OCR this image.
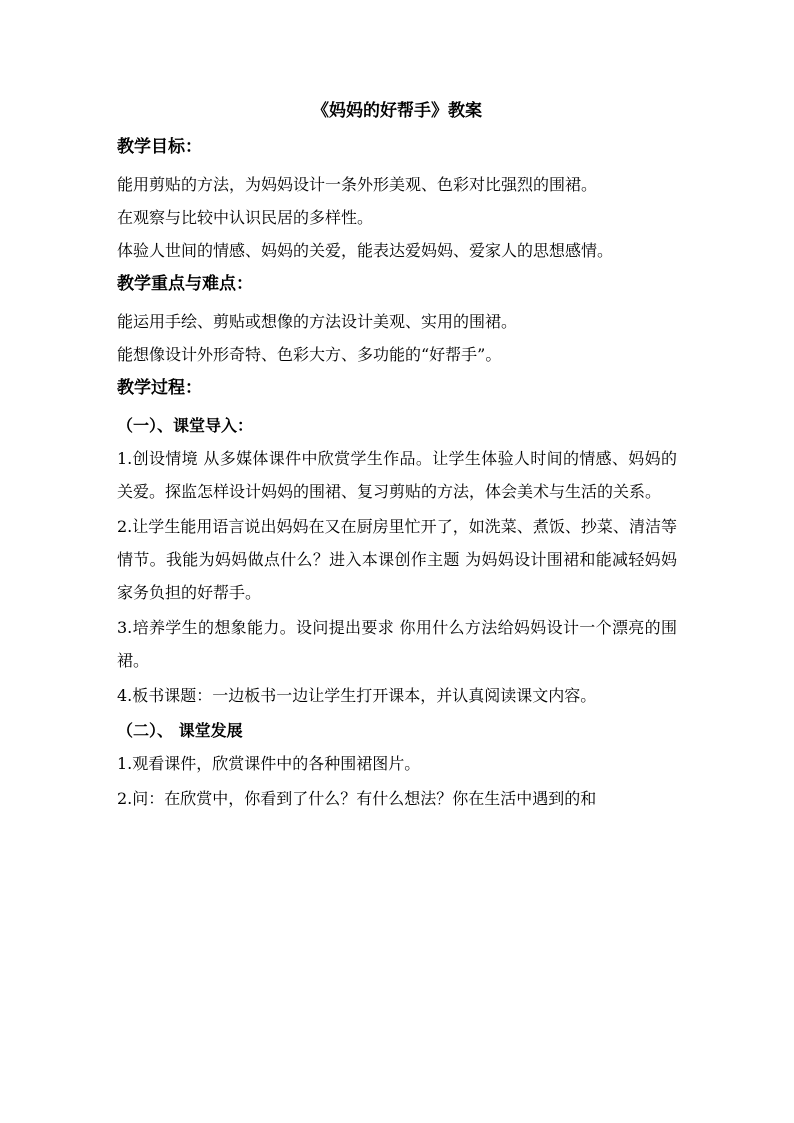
《妈妈的好帮手》教案
教学目标：

能用剪贴的方法，为妈妈设计一条外形美观、色彩对比强烈的围裙。

在观察与比较中认识民居的多样性。

体验人世间的情感、妈妈的关爱，能表达爱妈妈、爱家人的思想感情。

教学重点与难点：

能运用手绘、剪贴或想像的方法设计美观、实用的围裙。

能想像设计外形奇特、色彩大方、多功能的“好帮手”。

教学过程：

（一）、课堂导入：

1.创设情境 从多媒体课件中欣赏学生作品。让学生体验人时间的情感、妈妈的关爱。探监怎样设计妈妈的围裙、复习剪贴的方法，体会美术与生活的关系。

2.让学生能用语言说出妈妈在又在厨房里忙开了，如洗菜、煮饭、抄菜、清洁等情节。我能为妈妈做点什么？进入本课创作主题 为妈妈设计围裙和能减轻妈妈家务负担的好帮手。

3.培养学生的想象能力。设问提出要求 你用什么方法给妈妈设计一个漂亮的围裙。

4.板书课题：一边板书一边让学生打开课本，并认真阅读课文内容。

（二）、 课堂发展

1.观看课件，欣赏课件中的各种围裙图片。

2.问：在欣赏中，你看到了什么？有什么想法？你在生活中遇到的和
